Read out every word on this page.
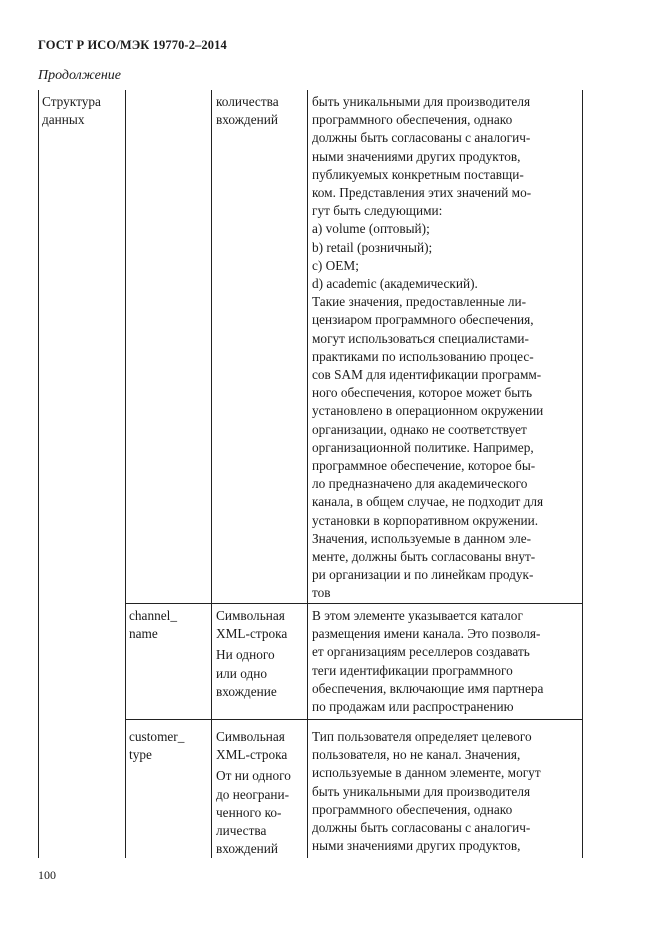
ГОСТ Р ИСО/МЭК 19770-2–2014
Продолжение
Структура
данных
количества
вхождений
быть уникальными для производителя
программного обеспечения, однако
должны быть согласованы с аналогич-
ными значениями других продуктов,
публикуемых конкретным поставщи-
ком. Представления этих значений мо-
гут быть следующими:
a) volume (оптовый);
b) retail (розничный);
c) OEM;
d) academic (академический).
Такие значения, предоставленные ли-
цензиаром программного обеспечения,
могут использоваться специалистами-
практиками по использованию процес-
сов SAM для идентификации программ-
ного обеспечения, которое может быть
установлено в операционном окружении
организации, однако не соответствует
организационной политике. Например,
программное обеспечение, которое бы-
ло предназначено для академического
канала, в общем случае, не подходит для
установки в корпоративном окружении.
Значения, используемые в данном эле-
менте, должны быть согласованы внут-
ри организации и по линейкам продук-
тов
channel_
name
Символьная
XML-строка
Ни одного
или одно
вхождение
В этом элементе указывается каталог
размещения имени канала. Это позволя-
ет организациям реселлеров создавать
теги идентификации программного
обеспечения, включающие имя партнера
по продажам или распространению
customer_
type
Символьная
XML-строка
От ни одного
до неограни-
ченного ко-
личества
вхождений
Тип пользователя определяет целевого
пользователя, но не канал. Значения,
используемые в данном элементе, могут
быть уникальными для производителя
программного обеспечения, однако
должны быть согласованы с аналогич-
ными значениями других продуктов,
100
